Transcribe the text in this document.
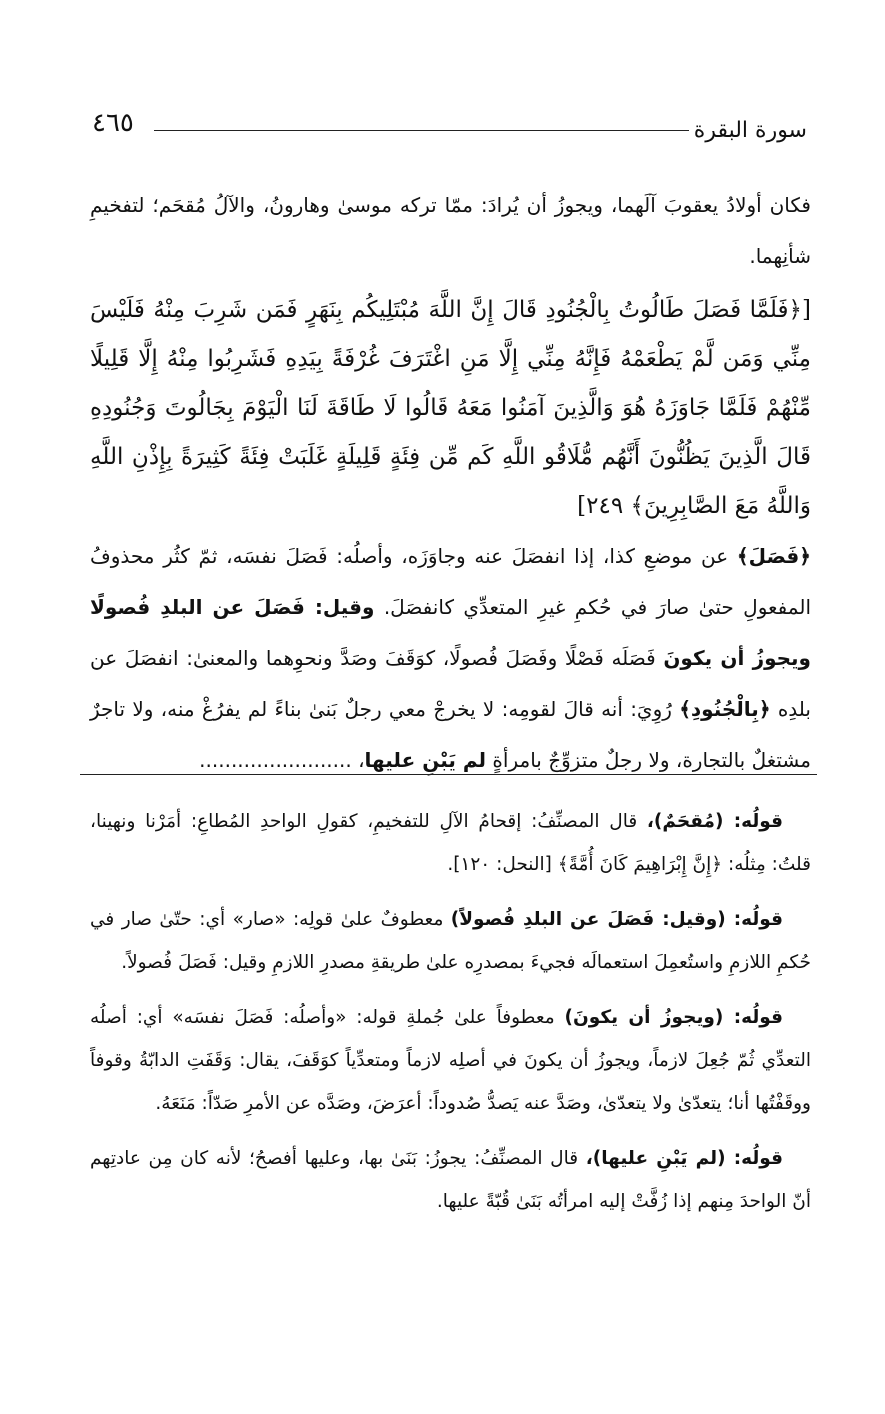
٤٦٥	سورة البقرة

فكان أولادُ يعقوبَ آلَهما، ويجوزُ أن يُرادَ: ممّا تركه موسىٰ وهارونُ، والآلُ مُقحَم؛ لتفخيمِ شأنِهما.

[﴿فَلَمَّا فَصَلَ طَالُوتُ بِالْجُنُودِ قَالَ إِنَّ اللَّهَ مُبْتَلِيكُم بِنَهَرٍ فَمَن شَرِبَ مِنْهُ فَلَيْسَ مِنِّي وَمَن لَّمْ يَطْعَمْهُ فَإِنَّهُ مِنِّي إِلَّا مَنِ اغْتَرَفَ غُرْفَةً بِيَدِهِ فَشَرِبُوا مِنْهُ إِلَّا قَلِيلًا مِّنْهُمْ فَلَمَّا جَاوَزَهُ هُوَ وَالَّذِينَ آمَنُوا مَعَهُ قَالُوا لَا طَاقَةَ لَنَا الْيَوْمَ بِجَالُوتَ وَجُنُودِهِ قَالَ الَّذِينَ يَظُنُّونَ أَنَّهُم مُّلَاقُو اللَّهِ كَم مِّن فِئَةٍ قَلِيلَةٍ غَلَبَتْ فِئَةً كَثِيرَةً بِإِذْنِ اللَّهِ وَاللَّهُ مَعَ الصَّابِرِينَ﴾ ٢٤٩]

﴿فَصَلَ﴾ عن موضعِ كذا، إذا انفصَلَ عنه وجاوَزَه، وأصلُه: فَصَلَ نفسَه، ثمّ كثُر محذوفُ المفعولِ حتىٰ صارَ في حُكمِ غيرِ المتعدِّي كانفصَلَ. وقيل: فَصَلَ عن البلدِ فُصولًا ويجوزُ أن يكونَ فَصَلَه فَصْلًا وفَصَلَ فُصولًا، كوَقَفَ وصَدَّ ونحوِهما والمعنىٰ: انفصَلَ عن بلدِه ﴿بِالْجُنُودِ﴾ رُوِيَ: أنه قالَ لقومِه: لا يخرجْ معي رجلٌ بَنىٰ بناءً لم يفرُغْ منه، ولا تاجرٌ مشتغلٌ بالتجارة، ولا رجلٌ متزوِّجٌ بامرأةٍ لم يَبْنِ عليها، ........................

قولُه: (مُقحَمٌ)، قال المصنِّفُ: إقحامُ الآلِ للتفخيمِ، كقولِ الواحدِ المُطاعِ: أمَرْنا ونهينا، قلتُ: مِثلُه: ﴿إِنَّ إِبْرَاهِيمَ كَانَ أُمَّةً﴾ [النحل: ١٢٠].

قولُه: (وقيل: فَصَلَ عن البلدِ فُصولاً) معطوفٌ علىٰ قولِه: «صار» أي: حتّىٰ صار في حُكمِ اللازمِ واستُعمِلَ استعمالَه فجيءَ بمصدرِه علىٰ طريقةِ مصدرِ اللازمِ وقيل: فَصَلَ فُصولاً.

قولُه: (ويجوزُ أن يكونَ) معطوفاً علىٰ جُملةِ قوله: «وأصلُه: فَصَلَ نفسَه» أي: أصلُه التعدِّي ثُمّ جُعِلَ لازماً، ويجوزُ أن يكونَ في أصلِه لازماً ومتعدِّياً كوَقَفَ، يقال: وَقَفَتِ الدابّةُ وقوفاً ووقَفْتُها أنا؛ يتعدّىٰ ولا يتعدّىٰ، وصَدَّ عنه يَصدُّ صُدوداً: أعرَضَ، وصَدَّه عن الأمرِ صَدّاً: مَنَعَهُ.

قولُه: (لم يَبْنِ عليها)، قال المصنِّفُ: يجوزُ: بَنَىٰ بها، وعليها أفصحُ؛ لأنه كان مِن عادتِهم أنّ الواحدَ مِنهم إذا زُفَّتْ إليه امرأتُه بَنَىٰ قُبّةً عليها.
